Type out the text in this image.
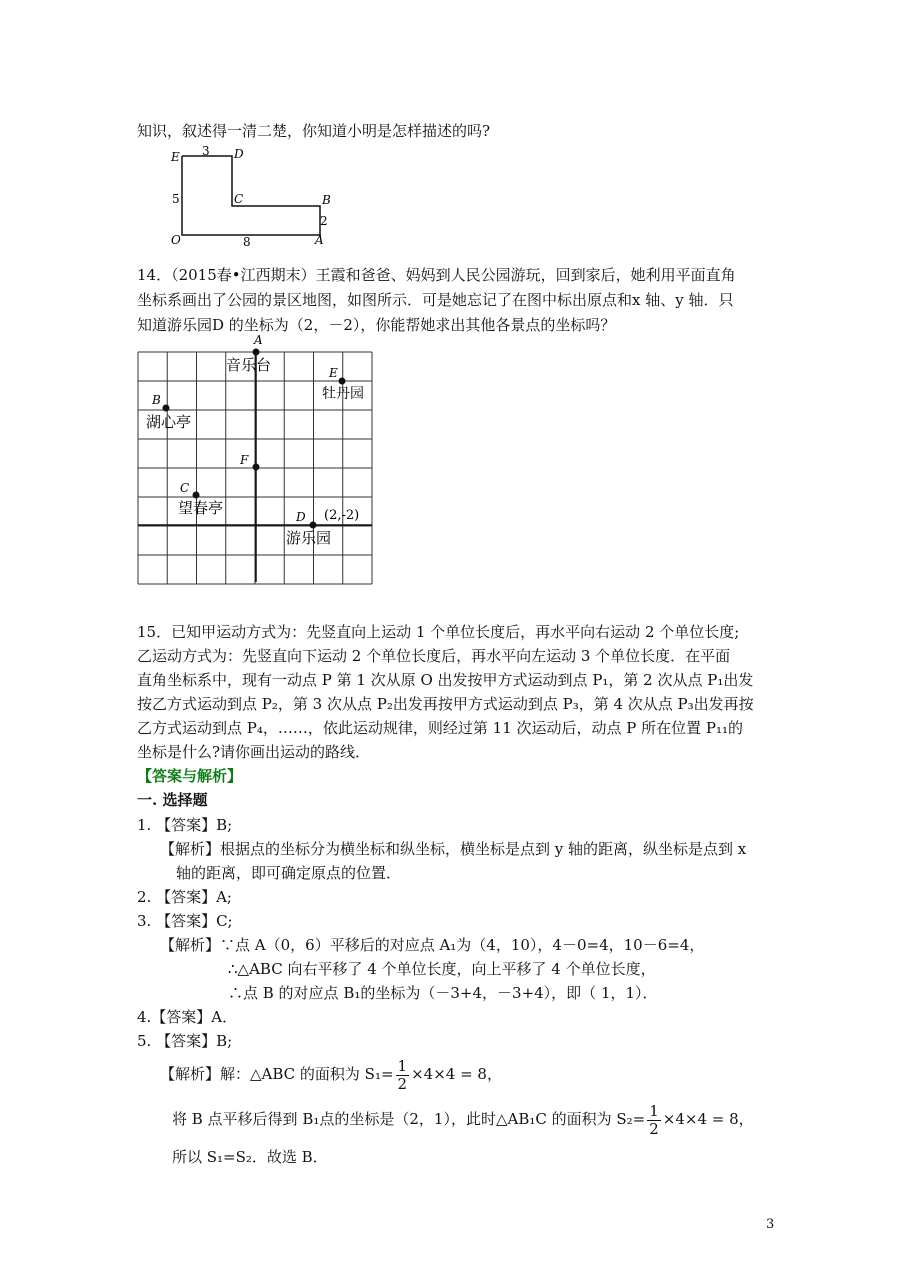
知识，叙述得一清二楚，你知道小明是怎样描述的吗?
E	D
C	B
O	A
3
5
2
8
14．（2015春•江西期末）王霞和爸爸、妈妈到人民公园游玩，回到家后，她利用平面直角
坐标系画出了公园的景区地图，如图所示．可是她忘记了在图中标出原点和x 轴、y 轴．只
知道游乐园D 的坐标为（2，－2），你能帮她求出其他各景点的坐标吗？
A
音乐台	E
牡丹园
B
湖心亭
F
C
望春亭	D (2,-2)
游乐园
15．已知甲运动方式为：先竖直向上运动 1 个单位长度后，再水平向右运动 2 个单位长度;
乙运动方式为：先竖直向下运动 2 个单位长度后，再水平向左运动 3 个单位长度．在平面
直角坐标系中，现有一动点 P 第 1 次从原 O 出发按甲方式运动到点 P₁，第 2 次从点 P₁出发
按乙方式运动到点 P₂，第 3 次从点 P₂出发再按甲方式运动到点 P₃，第 4 次从点 P₃出发再按
乙方式运动到点 P₄，……，依此运动规律，则经过第 11 次运动后，动点 P 所在位置 P₁₁的
坐标是什么?请你画出运动的路线．
【答案与解析】
一. 选择题
1. 【答案】B;
【解析】根据点的坐标分为横坐标和纵坐标，横坐标是点到 y 轴的距离，纵坐标是点到 x
轴的距离，即可确定原点的位置．
2. 【答案】A;
3. 【答案】C;
【解析】∵点 A（0，6）平移后的对应点 A₁为（4，10），4－0=4，10－6=4，
∴△ABC 向右平移了 4 个单位长度，向上平移了 4 个单位长度，
∴点 B 的对应点 B₁的坐标为（－3+4，－3+4），即（ 1，1）．
4.【答案】A．
5. 【答案】B;
【解析】解：△ABC 的面积为 $S_1= \frac{1}{2} \times 4\times 4 = 8$，
将 B 点平移后得到 B₁点的坐标是（2，1），此时△AB₁C 的面积为 $S_2= \frac{1}{2} \times 4\times 4 = 8$，
所以 S₁=S₂．故选 B．
3
